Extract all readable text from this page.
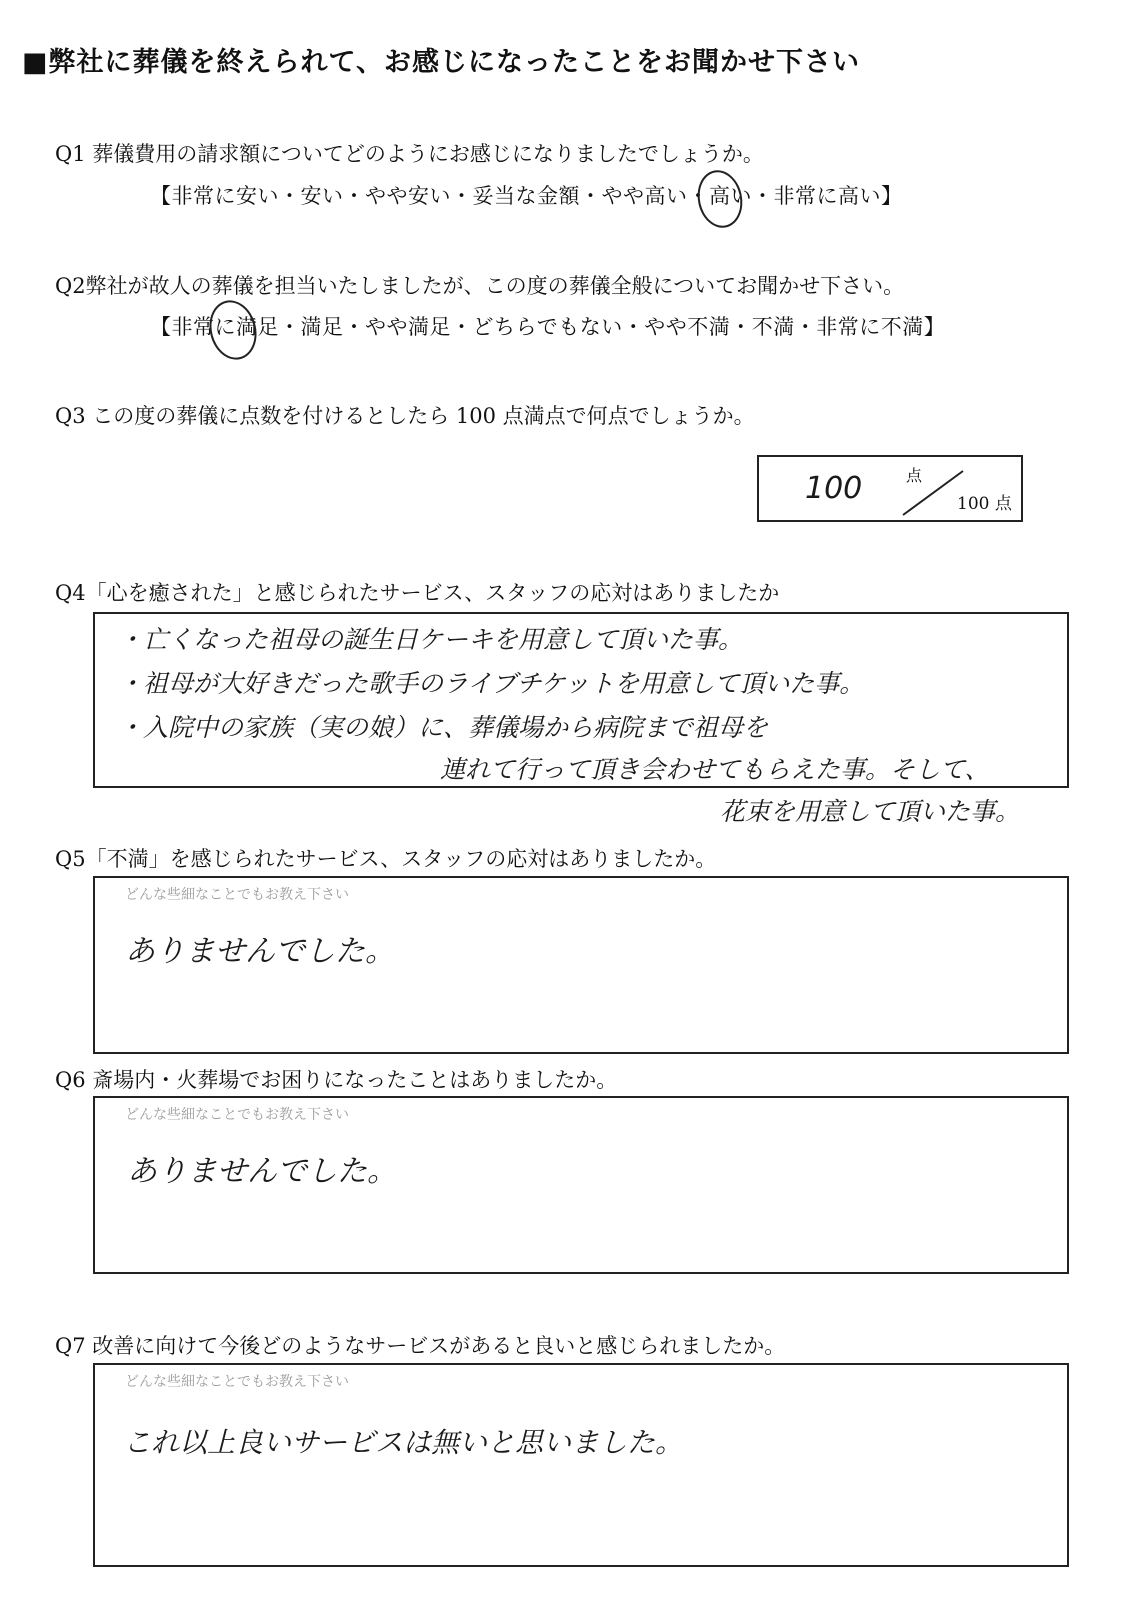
■弊社に葬儀を終えられて、お感じになったことをお聞かせ下さい
Q1 葬儀費用の請求額についてどのようにお感じになりましたでしょうか。
【非常に安い・安い・やや安い・妥当な金額・やや高い・高い・非常に高い】
Q2弊社が故人の葬儀を担当いたしましたが、この度の葬儀全般についてお聞かせ下さい。
【非常に満足・満足・やや満足・どちらでもない・やや不満・不満・非常に不満】
Q3 この度の葬儀に点数を付けるとしたら 100 点満点で何点でしょうか。
100	点
100 点
Q4「心を癒された」と感じられたサービス、スタッフの応対はありましたか
・亡くなった祖母の誕生日ケーキを用意して頂いた事。
・祖母が大好きだった歌手のライブチケットを用意して頂いた事。
・入院中の家族（実の娘）に、葬儀場から病院まで祖母を
連れて行って頂き会わせてもらえた事。そして、
花束を用意して頂いた事。
Q5「不満」を感じられたサービス、スタッフの応対はありましたか。
どんな些細なことでもお教え下さい
ありませんでした。
Q6 斎場内・火葬場でお困りになったことはありましたか。
どんな些細なことでもお教え下さい
ありませんでした。
Q7 改善に向けて今後どのようなサービスがあると良いと感じられましたか。
どんな些細なことでもお教え下さい
これ以上良いサービスは無いと思いました。
